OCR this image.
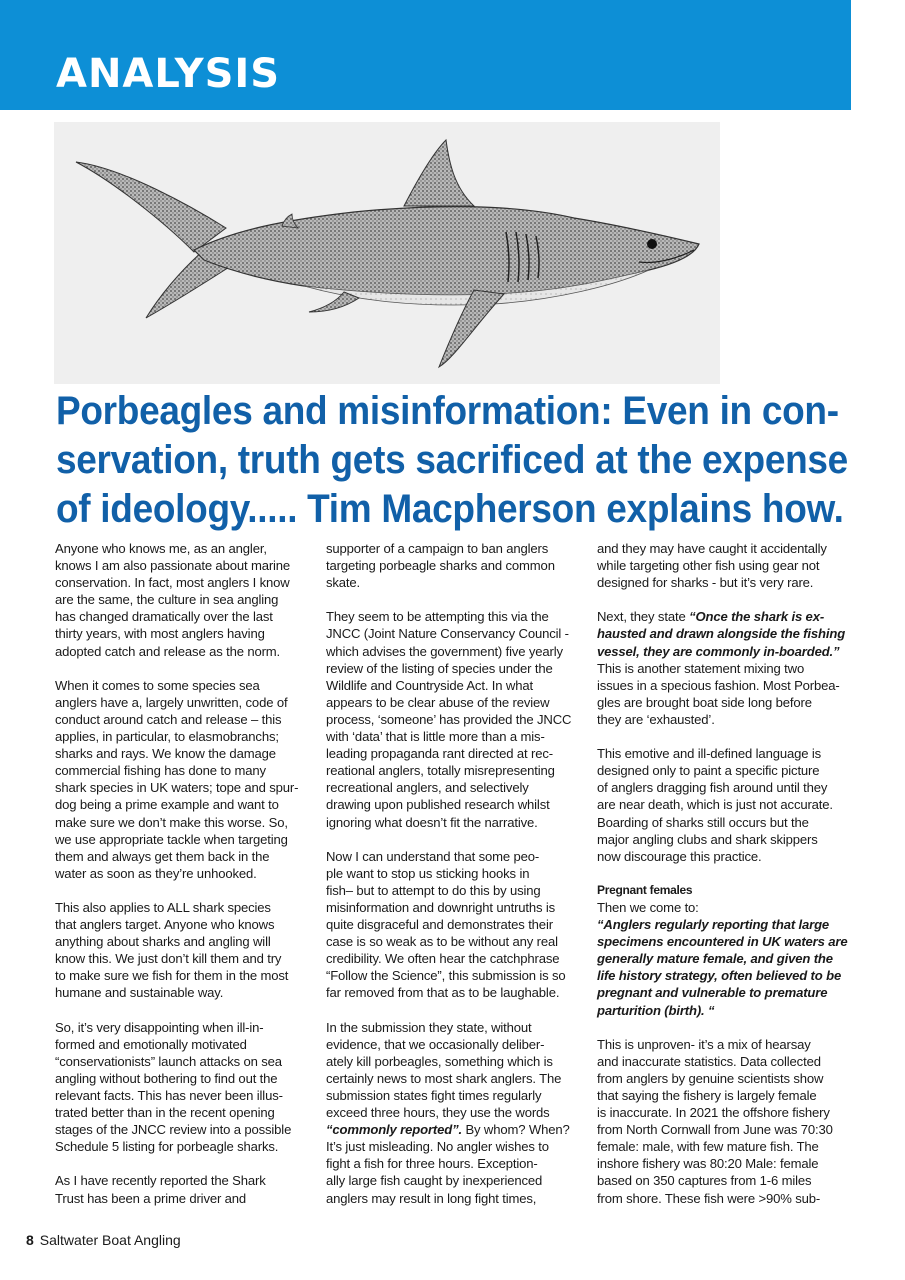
ANALYSIS
Porbeagles and misinformation: Even in con-
servation, truth gets sacrificed at the expense
of ideology..... Tim Macpherson explains how.
Anyone who knows me, as an angler,
knows I am also passionate about marine
conservation. In fact, most anglers I know
are the same, the culture in sea angling
has changed dramatically over the last
thirty years, with most anglers having
adopted catch and release as the norm.
When it comes to some species sea
anglers have a, largely unwritten, code of
conduct around catch and release – this
applies, in particular, to elasmobranchs;
sharks and rays. We know the damage
commercial fishing has done to many
shark species in UK waters; tope and spur-
dog being a prime example and want to
make sure we don’t make this worse. So,
we use appropriate tackle when targeting
them and always get them back in the
water as soon as they’re unhooked.
This also applies to ALL shark species
that anglers target. Anyone who knows
anything about sharks and angling will
know this. We just don’t kill them and try
to make sure we fish for them in the most
humane and sustainable way.
So, it’s very disappointing when ill-in-
formed and emotionally motivated
“conservationists” launch attacks on sea
angling without bothering to find out the
relevant facts. This has never been illus-
trated better than in the recent opening
stages of the JNCC review into a possible
Schedule 5 listing for porbeagle sharks.
As I have recently reported the Shark
Trust has been a prime driver and
supporter of a campaign to ban anglers
targeting porbeagle sharks and common
skate.
They seem to be attempting this via the
JNCC (Joint Nature Conservancy Council -
which advises the government) five yearly
review of the listing of species under the
Wildlife and Countryside Act. In what
appears to be clear abuse of the review
process, ‘someone’ has provided the JNCC
with ‘data’ that is little more than a mis-
leading propaganda rant directed at rec-
reational anglers, totally misrepresenting
recreational anglers, and selectively
drawing upon published research whilst
ignoring what doesn’t fit the narrative.
Now I can understand that some peo-
ple want to stop us sticking hooks in
fish– but to attempt to do this by using
misinformation and downright untruths is
quite disgraceful and demonstrates their
case is so weak as to be without any real
credibility. We often hear the catchphrase
“Follow the Science”, this submission is so
far removed from that as to be laughable.
In the submission they state, without
evidence, that we occasionally deliber-
ately kill porbeagles, something which is
certainly news to most shark anglers. The
submission states fight times regularly
exceed three hours, they use the words
“commonly reported”. By whom? When?
It’s just misleading. No angler wishes to
fight a fish for three hours. Exception-
ally large fish caught by inexperienced
anglers may result in long fight times,
and they may have caught it accidentally
while targeting other fish using gear not
designed for sharks - but it’s very rare.
Next, they state “Once the shark is ex-
hausted and drawn alongside the fishing
vessel, they are commonly in-boarded.”
This is another statement mixing two
issues in a specious fashion. Most Porbea-
gles are brought boat side long before
they are ‘exhausted’.
This emotive and ill-defined language is
designed only to paint a specific picture
of anglers dragging fish around until they
are near death, which is just not accurate.
Boarding of sharks still occurs but the
major angling clubs and shark skippers
now discourage this practice.
Pregnant females
Then we come to:
“Anglers regularly reporting that large
specimens encountered in UK waters are
generally mature female, and given the
life history strategy, often believed to be
pregnant and vulnerable to premature
parturition (birth). “
This is unproven- it’s a mix of hearsay
and inaccurate statistics. Data collected
from anglers by genuine scientists show
that saying the fishery is largely female
is inaccurate. In 2021 the offshore fishery
from North Cornwall from June was 70:30
female: male, with few mature fish. The
inshore fishery was 80:20 Male: female
based on 350 captures from 1-6 miles
from shore. These fish were >90% sub-
8 Saltwater Boat Angling
